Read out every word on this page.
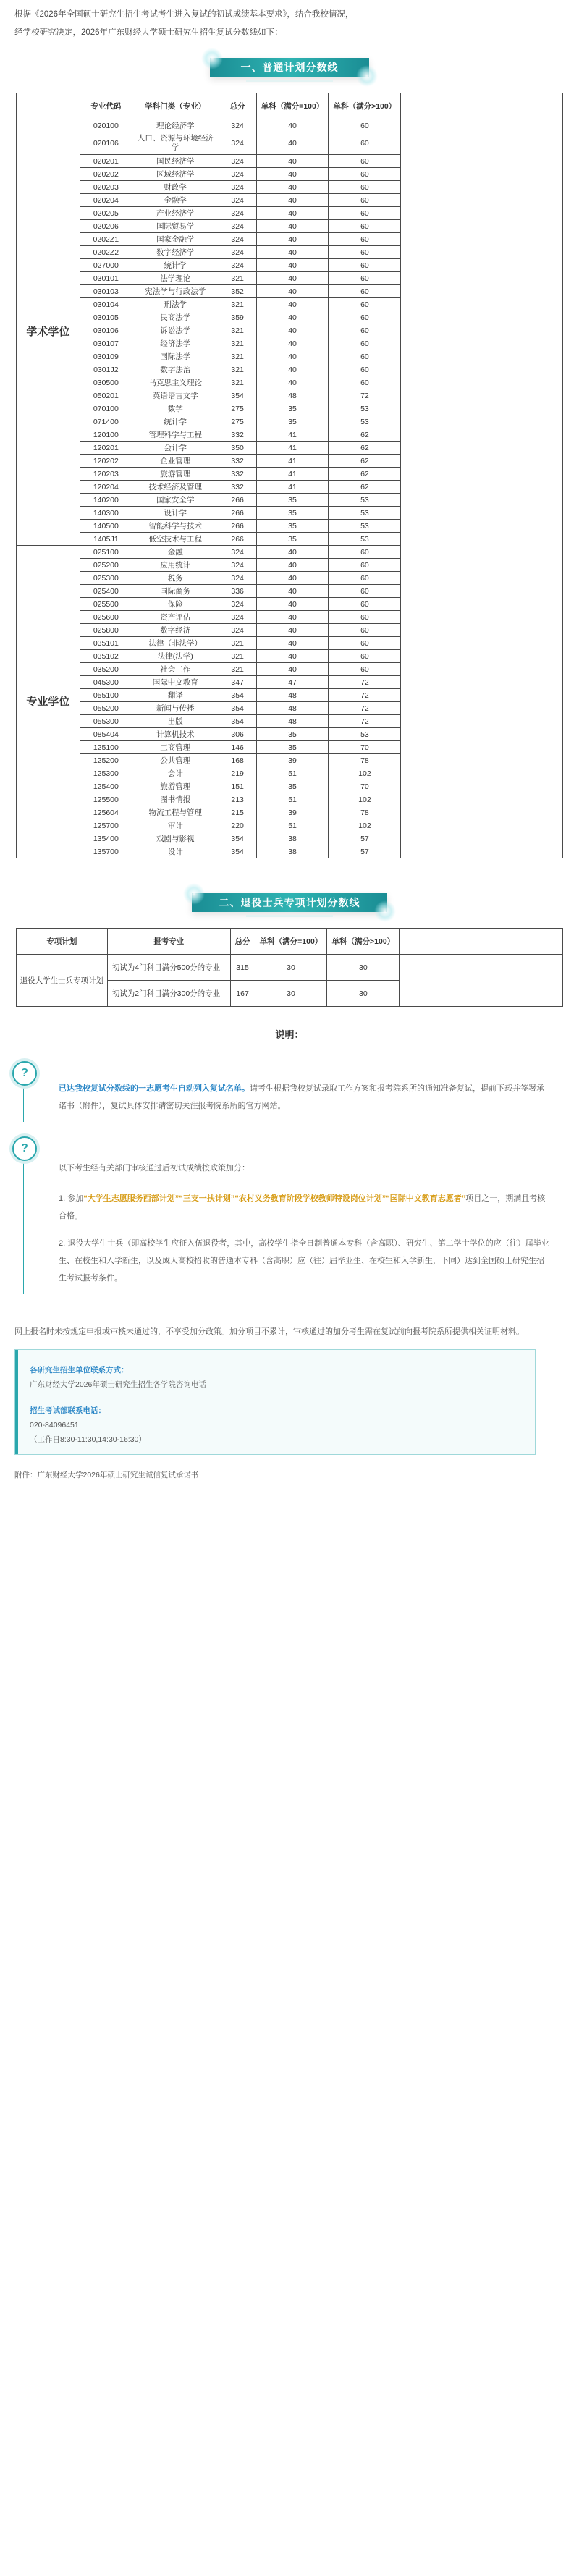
根据《2026年全国硕士研究生招生考试考生进入复试的初试成绩基本要求》，结合我校情况，
经学校研究决定，2026年广东财经大学硕士研究生招生复试分数线如下：
一、普通计划分数线
	专业代码	学科门类（专业）	总分	单科（满分=100）	单科（满分>100）	
学术学位	020100	理论经济学	324	40	60	
	020106	人口、资源与环境经济学	324	40	60	
	020201	国民经济学	324	40	60	
	020202	区域经济学	324	40	60	
	020203	财政学	324	40	60	
	020204	金融学	324	40	60	
	020205	产业经济学	324	40	60	
	020206	国际贸易学	324	40	60	
	0202Z1	国家金融学	324	40	60	
	0202Z2	数字经济学	324	40	60	
	027000	统计学	324	40	60	
	030101	法学理论	321	40	60	
	030103	宪法学与行政法学	352	40	60	
	030104	刑法学	321	40	60	
	030105	民商法学	359	40	60	
	030106	诉讼法学	321	40	60	
	030107	经济法学	321	40	60	
	030109	国际法学	321	40	60	
	0301J2	数字法治	321	40	60	
	030500	马克思主义理论	321	40	60	
	050201	英语语言文学	354	48	72	
	070100	数学	275	35	53	
	071400	统计学	275	35	53	
	120100	管理科学与工程	332	41	62	
	120201	会计学	350	41	62	
	120202	企业管理	332	41	62	
	120203	旅游管理	332	41	62	
	120204	技术经济及管理	332	41	62	
	140200	国家安全学	266	35	53	
	140300	设计学	266	35	53	
	140500	智能科学与技术	266	35	53	
	1405J1	低空技术与工程	266	35	53	
专业学位	025100	金融	324	40	60	
	025200	应用统计	324	40	60	
	025300	税务	324	40	60	
	025400	国际商务	336	40	60	
	025500	保险	324	40	60	
	025600	资产评估	324	40	60	
	025800	数字经济	324	40	60	
	035101	法律（非法学）	321	40	60	
	035102	法律(法学)	321	40	60	
	035200	社会工作	321	40	60	
	045300	国际中文教育	347	47	72	
	055100	翻译	354	48	72	
	055200	新闻与传播	354	48	72	
	055300	出版	354	48	72	
	085404	计算机技术	306	35	53	
	125100	工商管理	146	35	70	
	125200	公共管理	168	39	78	
	125300	会计	219	51	102	
	125400	旅游管理	151	35	70	
	125500	图书情报	213	51	102	
	125604	物流工程与管理	215	39	78	
	125700	审计	220	51	102	
	135400	戏剧与影视	354	38	57	
	135700	设计	354	38	57	
二、退役士兵专项计划分数线
专项计划	报考专业	总分	单科（满分=100）	单科（满分>100）	
退役大学生士兵专项计划	初试为4门科目满分500分的专业	315	30	30	
	初试为2门科目满分300分的专业	167	30	30	
说明：
?
已达我校复试分数线的一志愿考生自动列入复试名单。请考生根据我校复试录取工作方案和报考院系所的通知准备复试，提前下载并签署承诺书（附件），复试具体安排请密切关注报考院系所的官方网站。
?
以下考生经有关部门审核通过后初试成绩按政策加分：
1. 参加“大学生志愿服务西部计划”“三支一扶计划”“农村义务教育阶段学校教师特设岗位计划”“国际中文教育志愿者”项目之一，期满且考核合格。
2. 退役大学生士兵（即高校学生应征入伍退役者，其中，高校学生指全日制普通本专科（含高职）、研究生、第二学士学位的应（往）届毕业生、在校生和入学新生，以及成人高校招收的普通本专科（含高职）应（往）届毕业生、在校生和入学新生，下同）达到全国硕士研究生招生考试报考条件。
网上报名时未按规定申报或审核未通过的，不享受加分政策。加分项目不累计，审核通过的加分考生需在复试前向报考院系所提供相关证明材料。
各研究生招生单位联系方式：
广东财经大学2026年硕士研究生招生各学院咨询电话
招生考试部联系电话：
020-84096451
（工作日8:30-11:30,14:30-16:30）
附件：广东财经大学2026年硕士研究生诚信复试承诺书
